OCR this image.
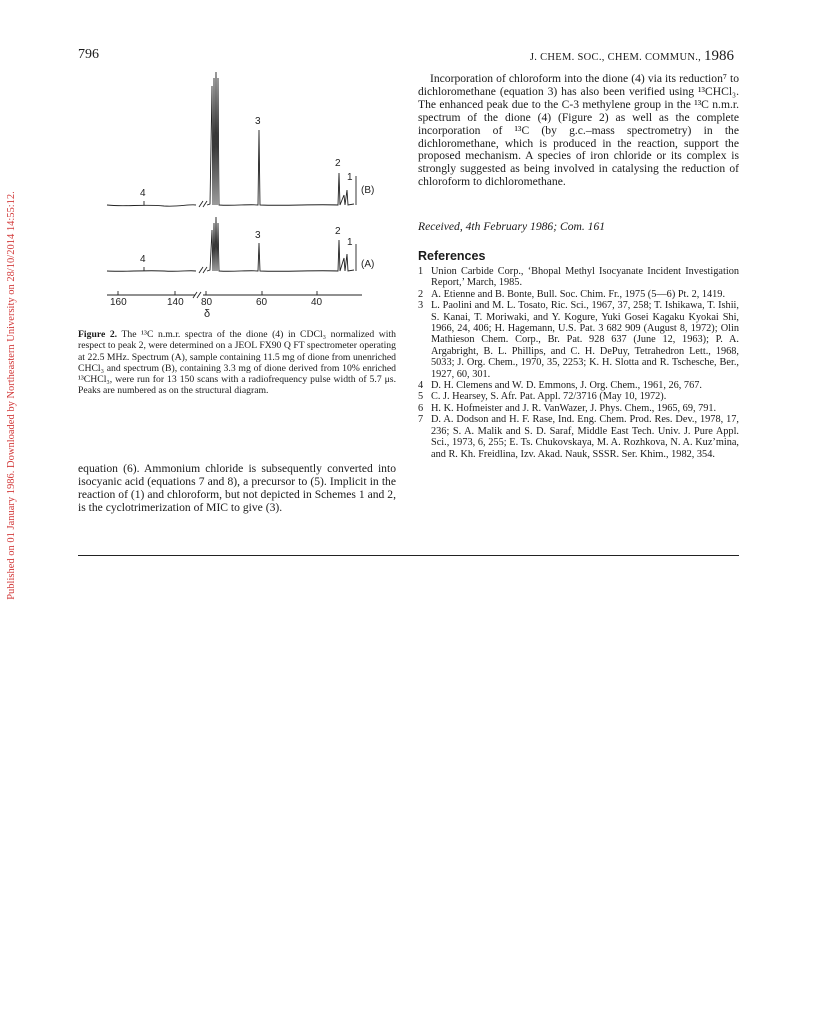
Published on 01 January 1986. Downloaded by Northeastern University on 28/10/2014 14:55:12.
796	J. CHEM. SOC., CHEM. COMMUN., 1986
4
3
2
1
(B)
4
3	2
1
(A)
160	140 80	60	40
δ

Figure 2. The ¹³C n.m.r. spectra of the dione (4) in CDCl₃ normalized with respect to peak 2, were determined on a JEOL FX90 Q FT spectrometer operating at 22.5 MHz. Spectrum (A), sample containing 11.5 mg of dione from unenriched CHCl₃ and spectrum (B), containing 3.3 mg of dione derived from 10% enriched ¹³CHCl₃, were run for 13 150 scans with a radiofrequency pulse width of 5.7 μs. Peaks are numbered as on the structural diagram.

equation (6). Ammonium chloride is subsequently converted into isocyanic acid (equations 7 and 8), a precursor to (5). Implicit in the reaction of (1) and chloroform, but not depicted in Schemes 1 and 2, is the cyclotrimerization of MIC to give (3).

Incorporation of chloroform into the dione (4) via its reduction⁷ to dichloromethane (equation 3) has also been verified using ¹³CHCl₃. The enhanced peak due to the C-3 methylene group in the ¹³C n.m.r. spectrum of the dione (4) (Figure 2) as well as the complete incorporation of ¹³C (by g.c.–mass spectrometry) in the dichloromethane, which is produced in the reaction, support the proposed mechanism. A species of iron chloride or its complex is strongly suggested as being involved in catalysing the reduction of chloroform to dichloromethane.

Received, 4th February 1986; Com. 161

References
1 Union Carbide Corp., ‘Bhopal Methyl Isocyanate Incident Investigation Report,’ March, 1985.
2 A. Etienne and B. Bonte, Bull. Soc. Chim. Fr., 1975 (5—6) Pt. 2, 1419.
3 L. Paolini and M. L. Tosato, Ric. Sci., 1967, 37, 258; T. Ishikawa, T. Ishii, S. Kanai, T. Moriwaki, and Y. Kogure, Yuki Gosei Kagaku Kyokai Shi, 1966, 24, 406; H. Hagemann, U.S. Pat. 3 682 909 (August 8, 1972); Olin Mathieson Chem. Corp., Br. Pat. 928 637 (June 12, 1963); P. A. Argabright, B. L. Phillips, and C. H. DePuy, Tetrahedron Lett., 1968, 5033; J. Org. Chem., 1970, 35, 2253; K. H. Slotta and R. Tschesche, Ber., 1927, 60, 301.
4 D. H. Clemens and W. D. Emmons, J. Org. Chem., 1961, 26, 767.
5 C. J. Hearsey, S. Afr. Pat. Appl. 72/3716 (May 10, 1972).
6 H. K. Hofmeister and J. R. VanWazer, J. Phys. Chem., 1965, 69, 791.
7 D. A. Dodson and H. F. Rase, Ind. Eng. Chem. Prod. Res. Dev., 1978, 17, 236; S. A. Malik and S. D. Saraf, Middle East Tech. Univ. J. Pure Appl. Sci., 1973, 6, 255; E. Ts. Chukovskaya, M. A. Rozhkova, N. A. Kuz’mina, and R. Kh. Freidlina, Izv. Akad. Nauk, SSSR. Ser. Khim., 1982, 354.
